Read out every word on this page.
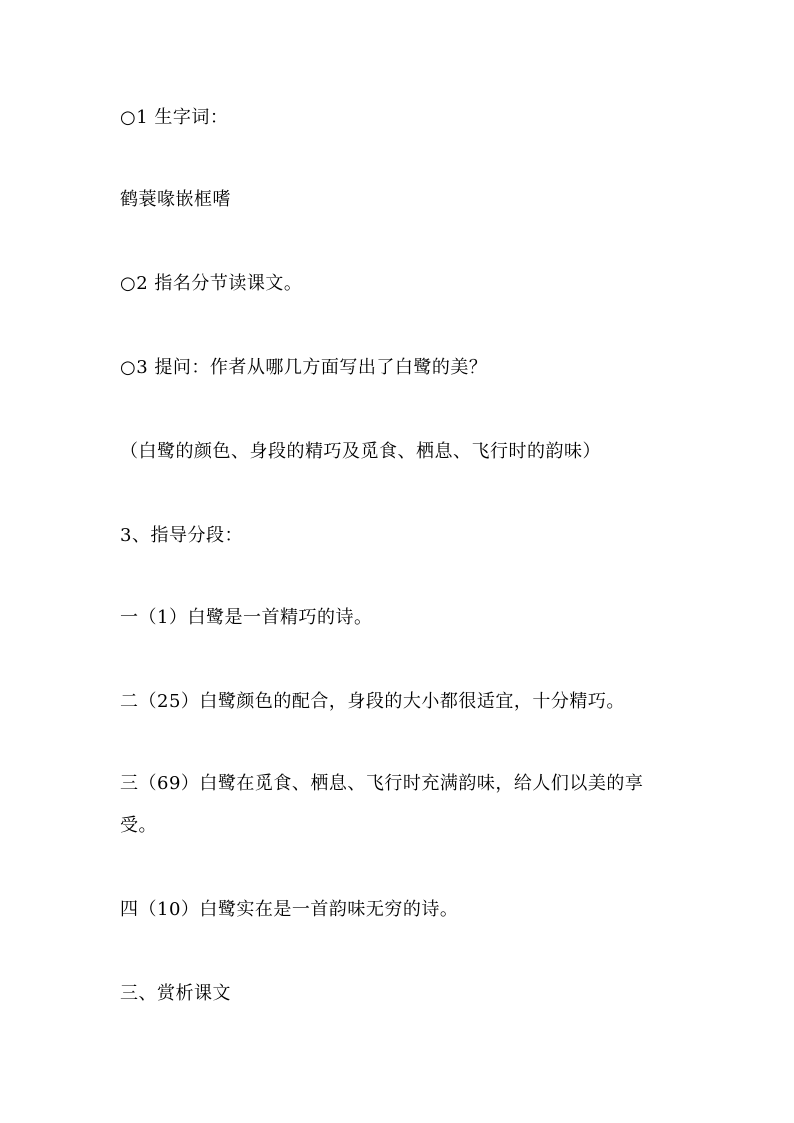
○1 生字词：
鹤蓑喙嵌框嗜
○2 指名分节读课文。
○3 提问：作者从哪几方面写出了白鹭的美？
（白鹭的颜色、身段的精巧及觅食、栖息、飞行时的韵味）
3、指导分段：
一（1）白鹭是一首精巧的诗。
二（25）白鹭颜色的配合，身段的大小都很适宜，十分精巧。
三（69）白鹭在觅食、栖息、飞行时充满韵味，给人们以美的享
受。
四（10）白鹭实在是一首韵味无穷的诗。
三、赏析课文
